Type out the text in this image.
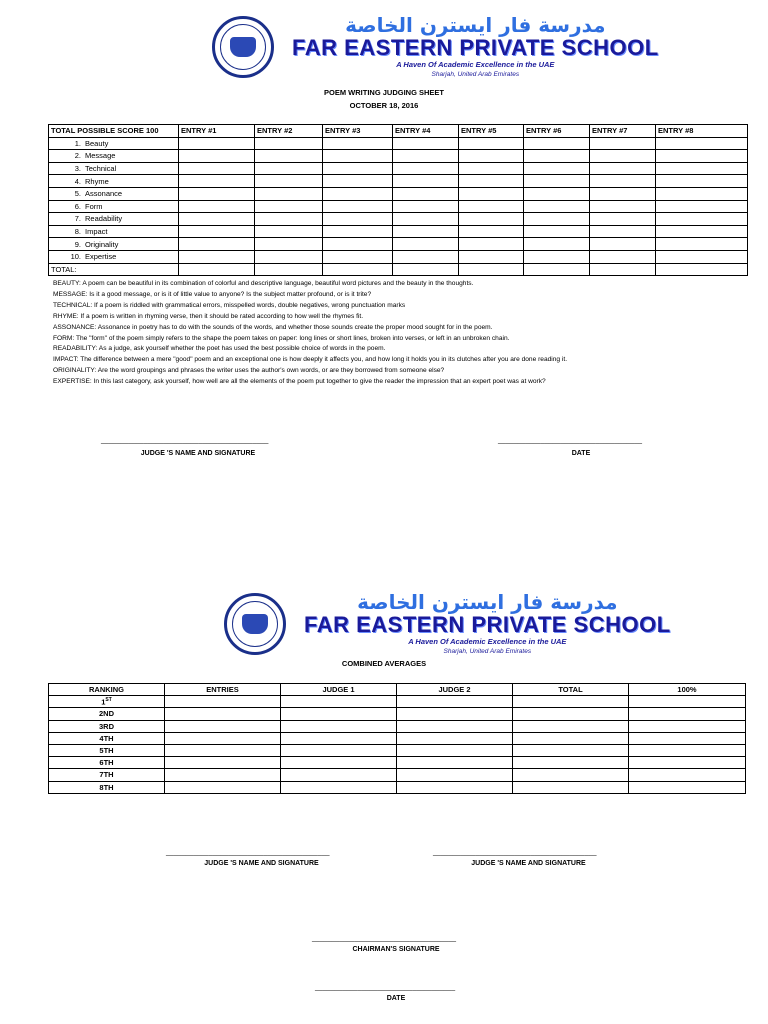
مدرسة فار ايسترن الخاصة
FAR EASTERN PRIVATE SCHOOL
A Haven Of Academic Excellence in the UAE
Sharjah, United Arab Emirates
POEM WRITING JUDGING SHEET
OCTOBER 18, 2016
TOTAL POSSIBLE SCORE 100	ENTRY #1	ENTRY #2	ENTRY #3	ENTRY #4	ENTRY #5	ENTRY #6	ENTRY #7	ENTRY #8
1. Beauty								
2. Message								
3. Technical								
4. Rhyme								
5. Assonance								
6. Form								
7. Readability								
8. Impact								
9. Originality								
10. Expertise								
TOTAL:								
BEAUTY: A poem can be beautiful in its combination of colorful and descriptive language, beautiful word pictures and the beauty in the thoughts.
MESSAGE: Is it a good message, or is it of little value to anyone? Is the subject matter profound, or is it trite?
TECHNICAL: If a poem is riddled with grammatical errors, misspelled words, double negatives, wrong punctuation marks
RHYME: If a poem is written in rhyming verse, then it should be rated according to how well the rhymes fit.
ASSONANCE: Assonance in poetry has to do with the sounds of the words, and whether those sounds create the proper mood sought for in the poem.
FORM: The "form" of the poem simply refers to the shape the poem takes on paper: long lines or short lines, broken into verses, or left in an unbroken chain.
READABILITY: As a judge, ask yourself whether the poet has used the best possible choice of words in the poem.
IMPACT: The difference between a mere "good" poem and an exceptional one is how deeply it affects you, and how long it holds you in its clutches after you are done reading it.
ORIGINALITY: Are the word groupings and phrases the writer uses the author's own words, or are they borrowed from someone else?
EXPERTISE: In this last category, ask yourself, how well are all the elements of the poem put together to give the reader the impression that an expert poet was at work?
___________________________________________
JUDGE 'S NAME AND SIGNATURE
_____________________________________
DATE
مدرسة فار ايسترن الخاصة
FAR EASTERN PRIVATE SCHOOL
A Haven Of Academic Excellence in the UAE
Sharjah, United Arab Emirates
COMBINED AVERAGES
RANKING	ENTRIES	JUDGE 1	JUDGE 2	TOTAL	100%
1ST					
2ND					
3RD					
4TH					
5TH					
6TH					
7TH					
8TH					
__________________________________________
JUDGE 'S NAME AND SIGNATURE
__________________________________________
JUDGE 'S NAME AND SIGNATURE
_____________________________________
CHAIRMAN'S SIGNATURE
____________________________________
DATE
